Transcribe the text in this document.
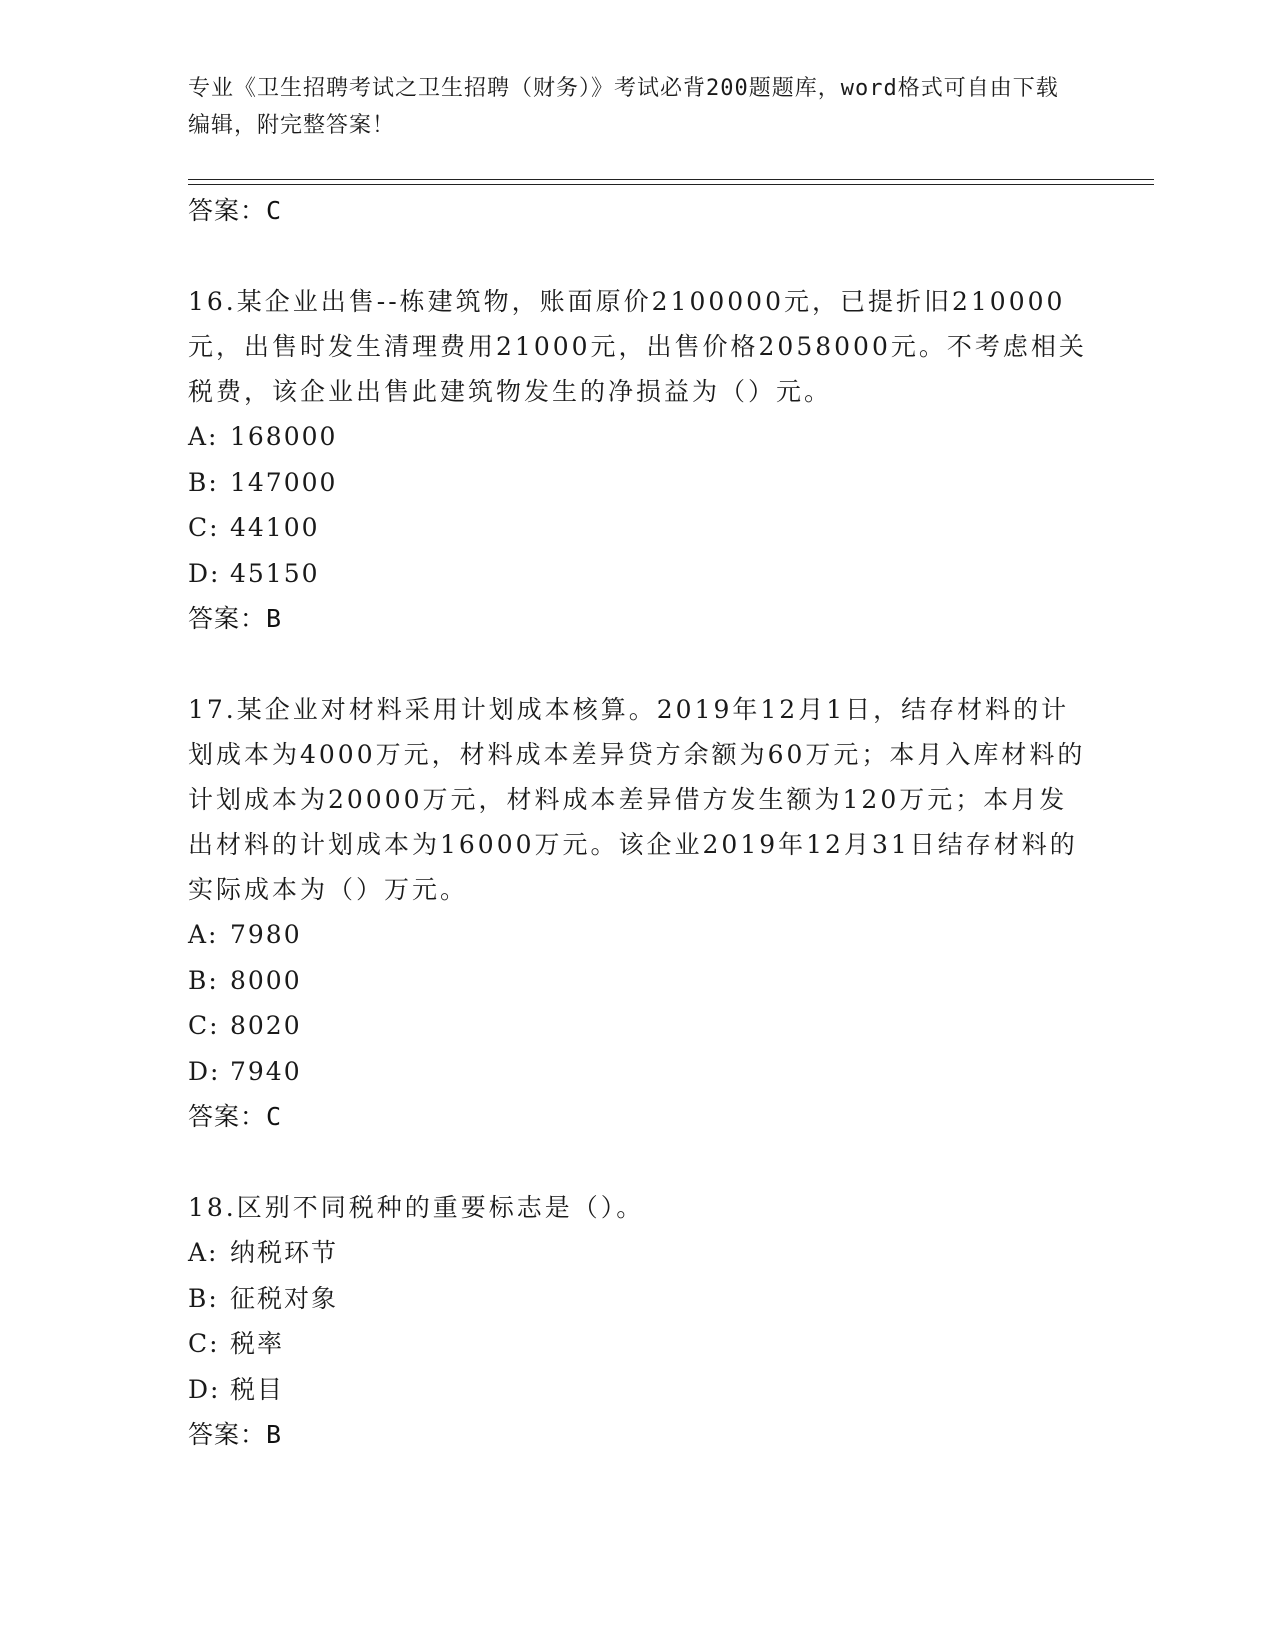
专业《卫生招聘考试之卫生招聘（财务）》考试必背200题题库，word格式可自由下载编辑，附完整答案！
答案：C

16.某企业出售--栋建筑物，账面原价2100000元，已提折旧210000元，出售时发生清理费用21000元，出售价格2058000元。不考虑相关税费，该企业出售此建筑物发生的净损益为（）元。

A: 168000
B: 147000
C: 44100
D: 45150
答案：B

17.某企业对材料采用计划成本核算。2019年12月1日，结存材料的计划成本为4000万元，材料成本差异贷方余额为60万元；本月入库材料的计划成本为20000万元，材料成本差异借方发生额为120万元；本月发出材料的计划成本为16000万元。该企业2019年12月31日结存材料的实际成本为（）万元。

A: 7980
B: 8000
C: 8020
D: 7940
答案：C

18.区别不同税种的重要标志是（）。

A: 纳税环节
B: 征税对象
C: 税率
D: 税目
答案：B
